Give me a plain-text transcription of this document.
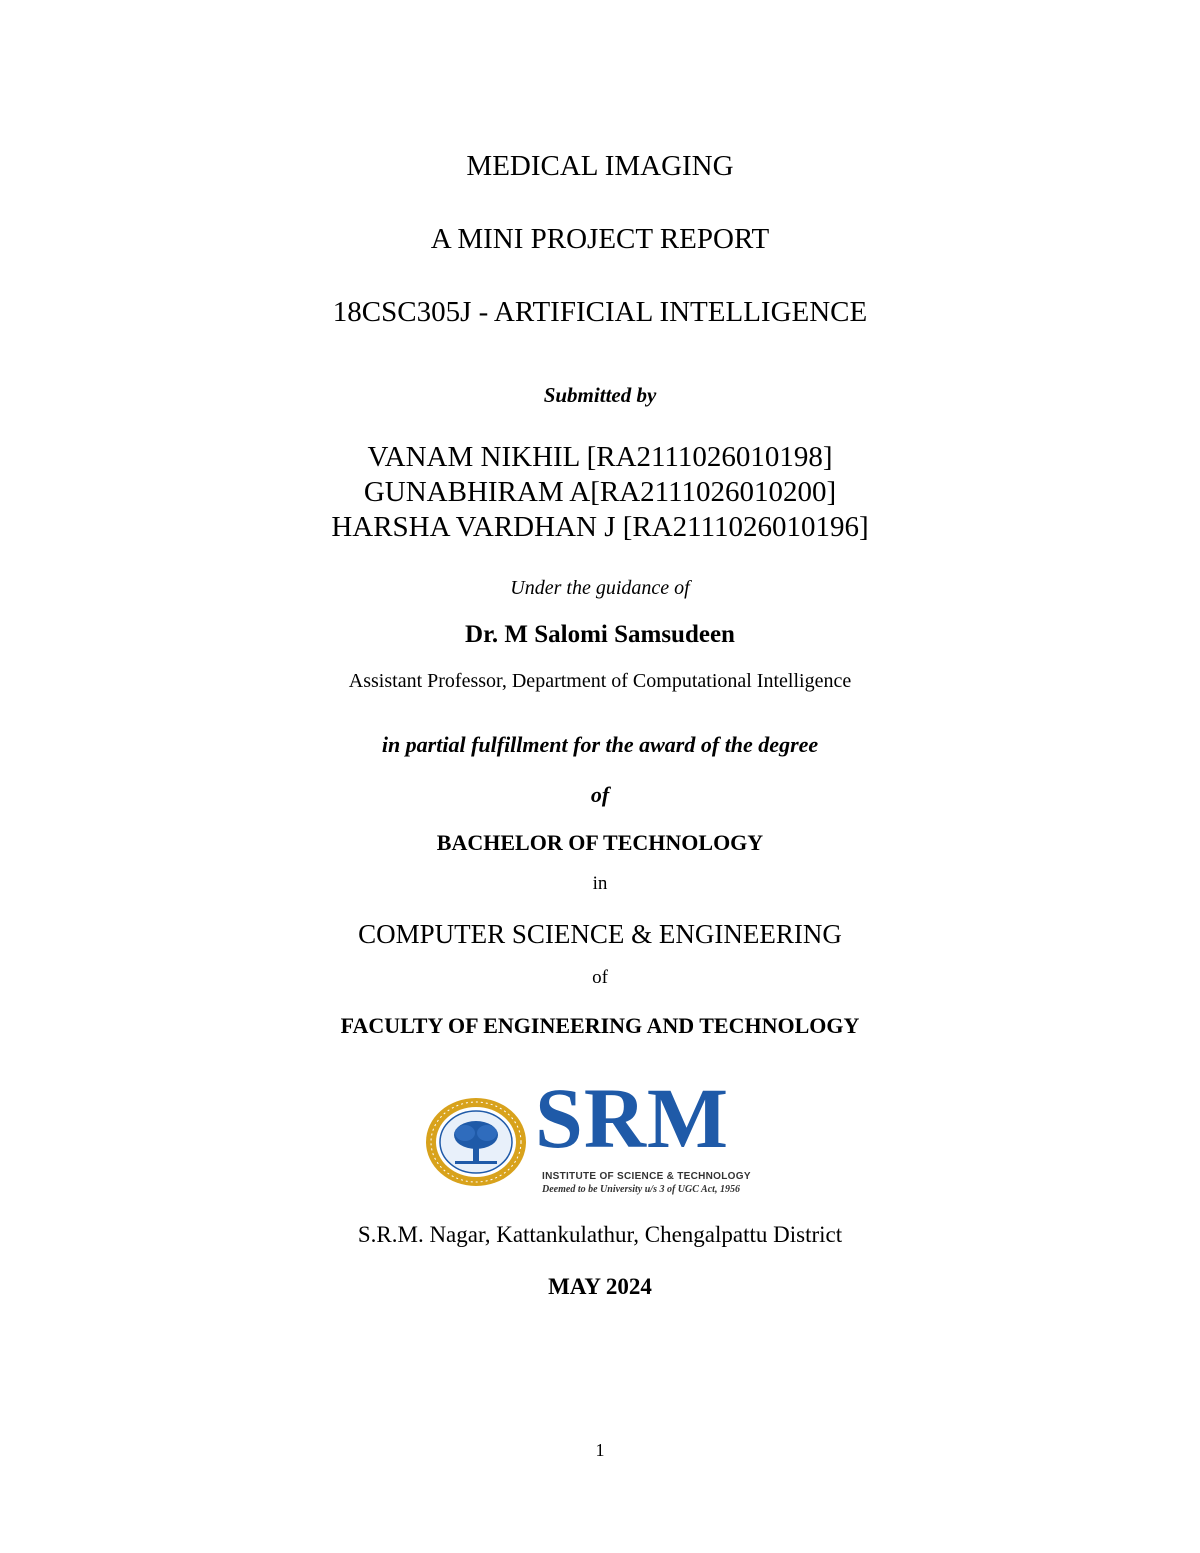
MEDICAL IMAGING
A MINI PROJECT REPORT
18CSC305J - ARTIFICIAL INTELLIGENCE
Submitted by
VANAM NIKHIL [RA2111026010198]
GUNABHIRAM A[RA2111026010200]
HARSHA VARDHAN J [RA2111026010196]
Under the guidance of
Dr. M Salomi Samsudeen
Assistant Professor, Department of Computational Intelligence
in partial fulfillment for the award of the degree
of
BACHELOR OF TECHNOLOGY
in
COMPUTER SCIENCE & ENGINEERING
of
FACULTY OF ENGINEERING AND TECHNOLOGY
SRM
INSTITUTE OF SCIENCE & TECHNOLOGY
Deemed to be University u/s 3 of UGC Act, 1956
S.R.M. Nagar, Kattankulathur, Chengalpattu District
MAY 2024
1
